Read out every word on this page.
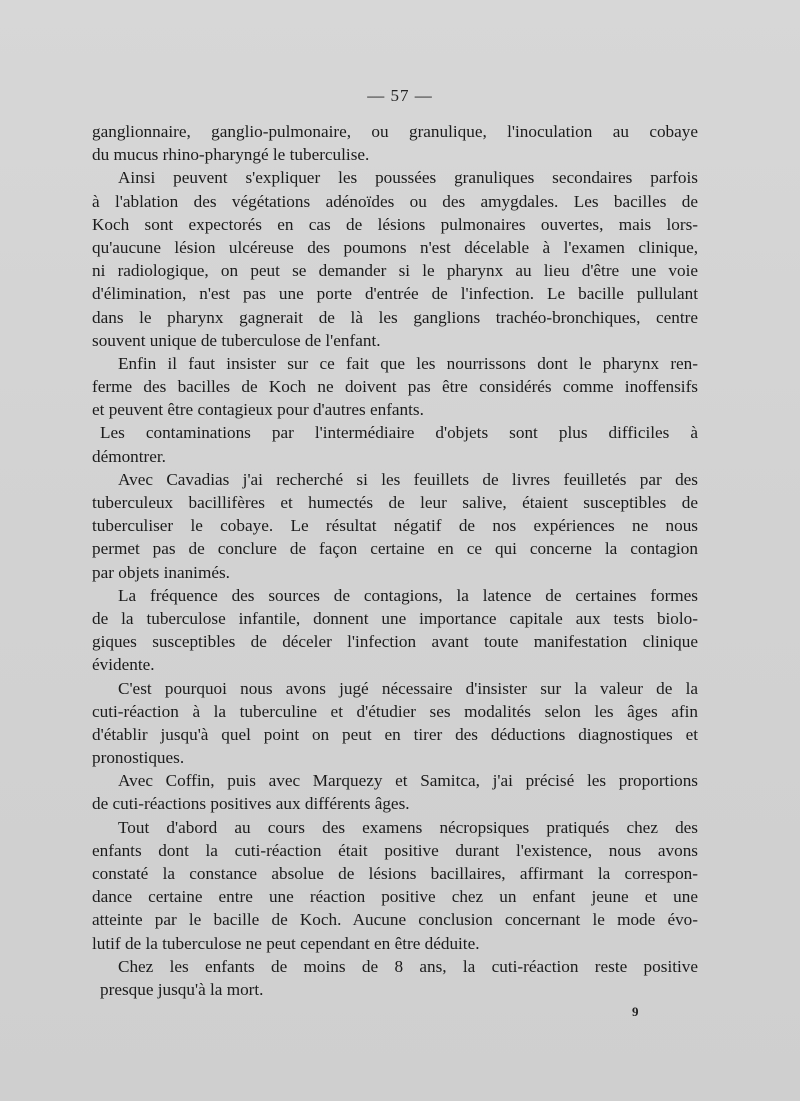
— 57 —
ganglionnaire, ganglio-pulmonaire, ou granulique, l'inoculation au cobaye
du mucus rhino-pharyngé le tuberculise.
Ainsi peuvent s'expliquer les poussées granuliques secondaires parfois
à l'ablation des végétations adénoïdes ou des amygdales. Les bacilles de
Koch sont expectorés en cas de lésions pulmonaires ouvertes, mais lors-
qu'aucune lésion ulcéreuse des poumons n'est décelable à l'examen clinique,
ni radiologique, on peut se demander si le pharynx au lieu d'être une voie
d'élimination, n'est pas une porte d'entrée de l'infection. Le bacille pullulant
dans le pharynx gagnerait de là les ganglions trachéo-bronchiques, centre
souvent unique de tuberculose de l'enfant.
Enfin il faut insister sur ce fait que les nourrissons dont le pharynx ren-
ferme des bacilles de Koch ne doivent pas être considérés comme inoffensifs
et peuvent être contagieux pour d'autres enfants.
Les contaminations par l'intermédiaire d'objets sont plus difficiles à
démontrer.
Avec Cavadias j'ai recherché si les feuillets de livres feuilletés par des
tuberculeux bacillifères et humectés de leur salive, étaient susceptibles de
tuberculiser le cobaye. Le résultat négatif de nos expériences ne nous
permet pas de conclure de façon certaine en ce qui concerne la contagion
par objets inanimés.
La fréquence des sources de contagions, la latence de certaines formes
de la tuberculose infantile, donnent une importance capitale aux tests biolo-
giques susceptibles de déceler l'infection avant toute manifestation clinique
évidente.
C'est pourquoi nous avons jugé nécessaire d'insister sur la valeur de la
cuti-réaction à la tuberculine et d'étudier ses modalités selon les âges afin
d'établir jusqu'à quel point on peut en tirer des déductions diagnostiques et
pronostiques.
Avec Coffin, puis avec Marquezy et Samitca, j'ai précisé les proportions
de cuti-réactions positives aux différents âges.
Tout d'abord au cours des examens nécropsiques pratiqués chez des
enfants dont la cuti-réaction était positive durant l'existence, nous avons
constaté la constance absolue de lésions bacillaires, affirmant la correspon-
dance certaine entre une réaction positive chez un enfant jeune et une
atteinte par le bacille de Koch. Aucune conclusion concernant le mode évo-
lutif de la tuberculose ne peut cependant en être déduite.
Chez les enfants de moins de 8 ans, la cuti-réaction reste positive
presque jusqu'à la mort.
9
